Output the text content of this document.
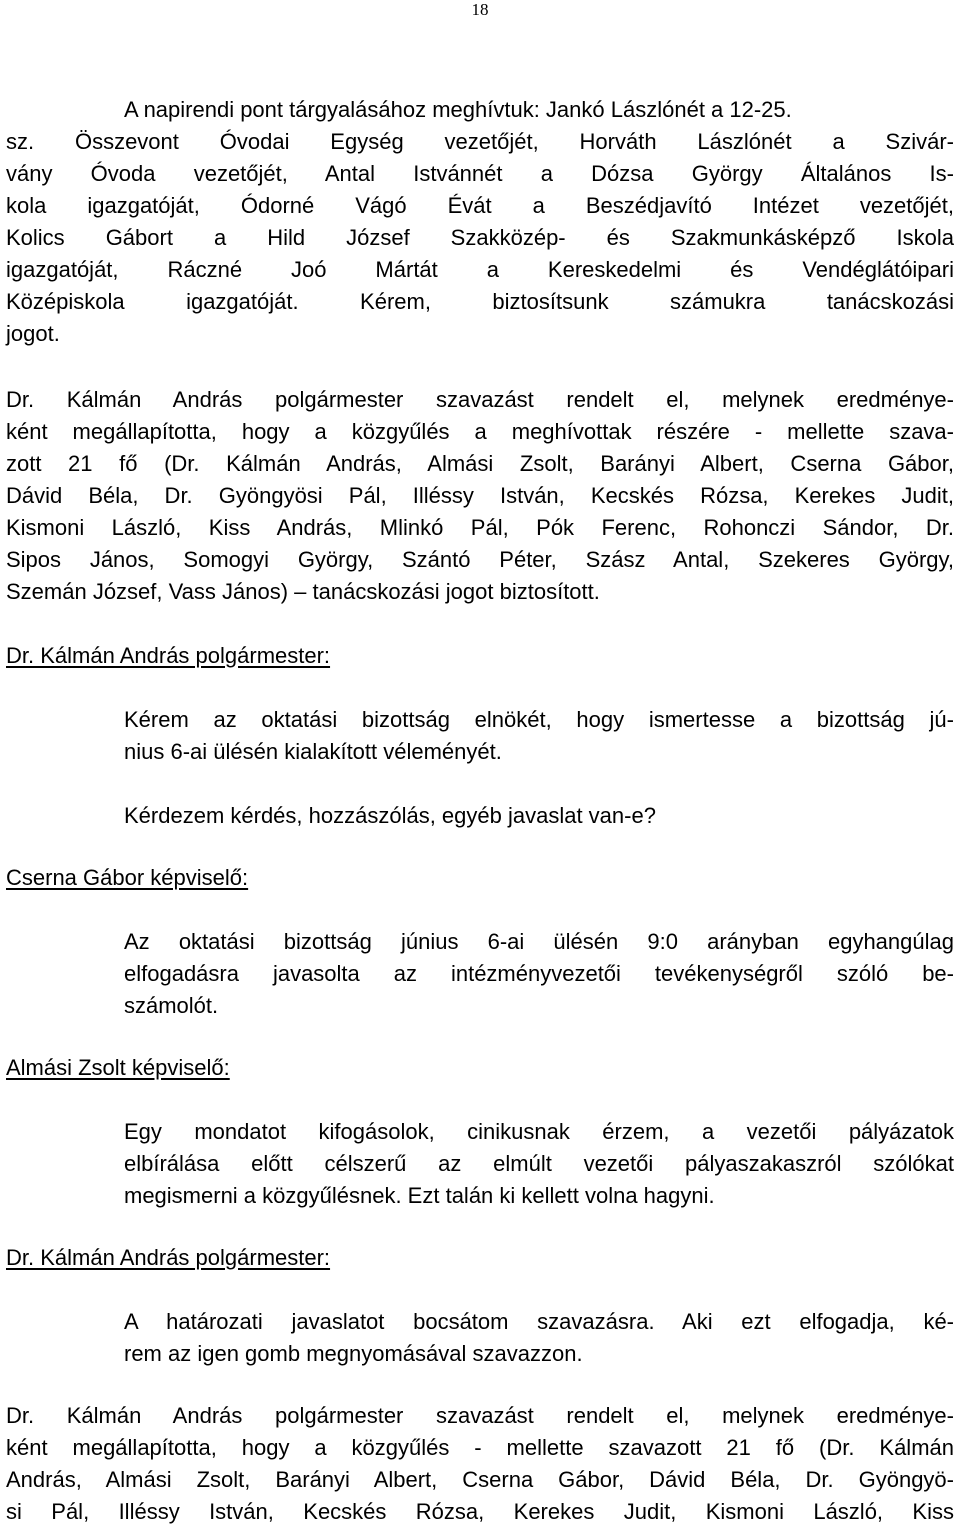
18
A napirendi pont tárgyalásához meghívtuk: Jankó Lászlónét a 12-25.
sz. Összevont Óvodai Egység vezetőjét, Horváth Lászlónét a Szivár-
vány Óvoda vezetőjét, Antal Istvánnét a Dózsa György Általános Is-
kola igazgatóját, Ódorné Vágó Évát a Beszédjavító Intézet vezetőjét,
Kolics Gábort a Hild József Szakközép- és Szakmunkásképző Iskola
igazgatóját, Ráczné Joó Mártát a Kereskedelmi és Vendéglátóipari
Középiskola igazgatóját. Kérem, biztosítsunk számukra tanácskozási
jogot.
Dr. Kálmán András polgármester szavazást rendelt el, melynek eredménye-
ként megállapította, hogy a közgyűlés a meghívottak részére - mellette szava-
zott 21 fő (Dr. Kálmán András, Almási Zsolt, Barányi Albert, Cserna Gábor,
Dávid Béla, Dr. Gyöngyösi Pál, Illéssy István, Kecskés Rózsa, Kerekes Judit,
Kismoni László, Kiss András, Mlinkó Pál, Pók Ferenc, Rohonczi Sándor, Dr.
Sipos János, Somogyi György, Szántó Péter, Szász Antal, Szekeres György,
Szemán József, Vass János) – tanácskozási jogot biztosított.
Dr. Kálmán András polgármester:
Kérem az oktatási bizottság elnökét, hogy ismertesse a bizottság jú-
nius 6-ai ülésén kialakított véleményét.
Kérdezem kérdés, hozzászólás, egyéb javaslat van-e?
Cserna Gábor képviselő:
Az oktatási bizottság június 6-ai ülésén 9:0 arányban egyhangúlag
elfogadásra javasolta az intézményvezetői tevékenységről szóló be-
számolót.
Almási Zsolt képviselő:
Egy mondatot kifogásolok, cinikusnak érzem, a vezetői pályázatok
elbírálása előtt célszerű az elmúlt vezetői pályaszakaszról szólókat
megismerni a közgyűlésnek. Ezt talán ki kellett volna hagyni.
Dr. Kálmán András polgármester:
A határozati javaslatot bocsátom szavazásra. Aki ezt elfogadja, ké-
rem az igen gomb megnyomásával szavazzon.
Dr. Kálmán András polgármester szavazást rendelt el, melynek eredménye-
ként megállapította, hogy a közgyűlés - mellette szavazott 21 fő (Dr. Kálmán
András, Almási Zsolt, Barányi Albert, Cserna Gábor, Dávid Béla, Dr. Gyöngyö-
si Pál, Illéssy István, Kecskés Rózsa, Kerekes Judit, Kismoni László, Kiss
